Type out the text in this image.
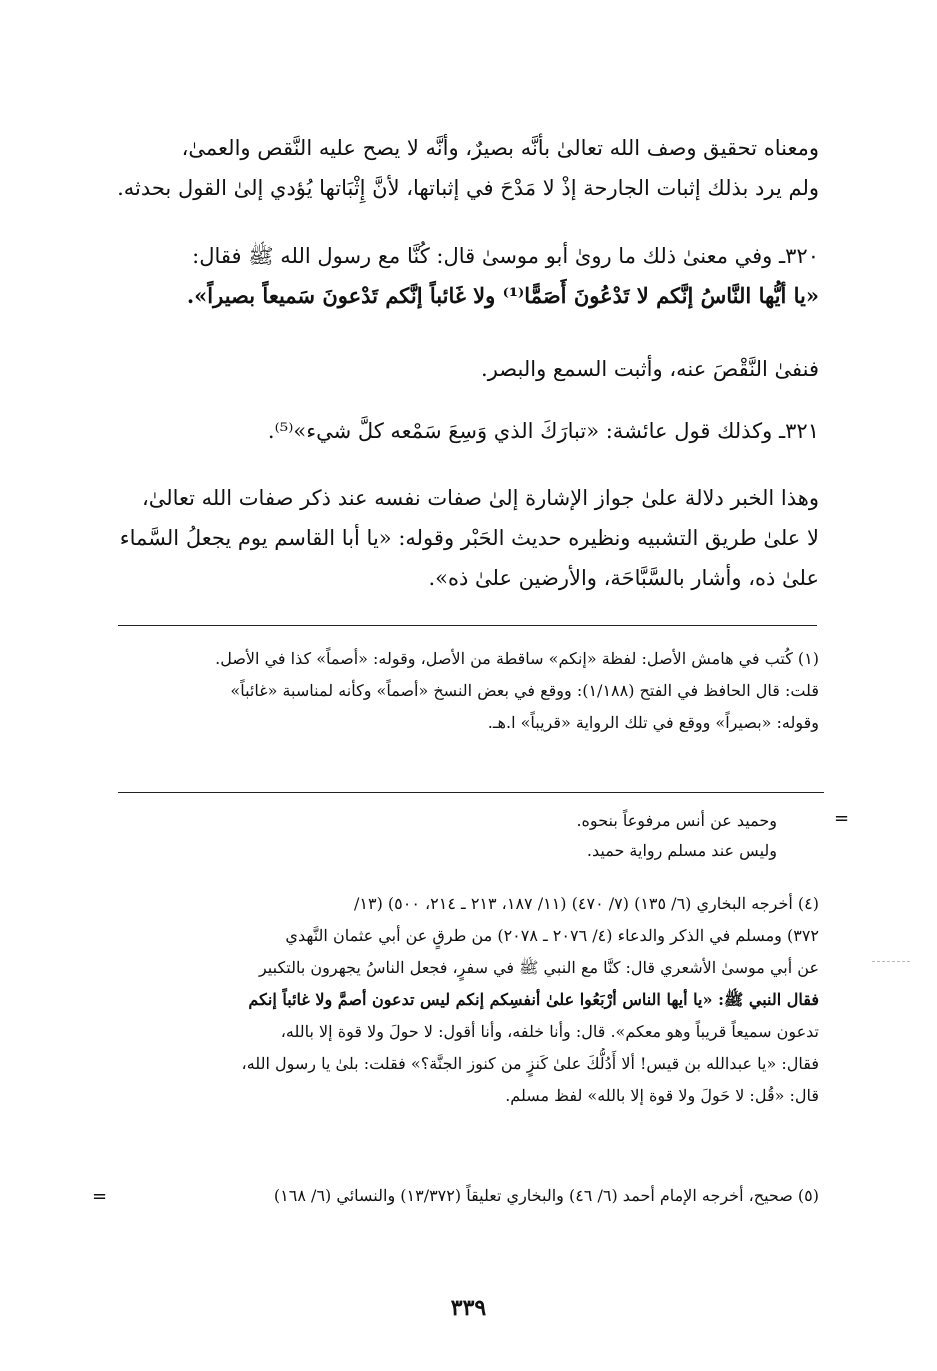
ومعناه تحقيق وصف الله تعالىٰ بأنَّه بصيرٌ، وأنَّه لا يصح عليه النَّقص والعمىٰ،
ولم يرد بذلك إثبات الجارحة إذْ لا مَدْحَ في إثباتها، لأنَّ إِثْبَاتها يُؤدي إلىٰ القول بحدثه.
٣٢٠ـ وفي معنىٰ ذلك ما روىٰ أبو موسىٰ قال: كُنَّا مع رسول الله ﷺ فقال:
«يا أيُّها النَّاسُ إنَّكم لا تَدْعُونَ أَصَمًّا⁽¹⁾ ولا غَائباً إنَّكم تَدْعونَ سَميعاً بصيراً».
فنفىٰ النَّقْصَ عنه، وأثبت السمع والبصر.
٣٢١ـ وكذلك قول عائشة: «تبارَكَ الذي وَسِعَ سَمْعه كلَّ شيء»⁽⁵⁾.
وهذا الخبر دلالة علىٰ جواز الإشارة إلىٰ صفات نفسه عند ذكر صفات الله تعالىٰ،
لا علىٰ طريق التشبيه ونظيره حديث الحَبْر وقوله: «يا أبا القاسم يوم يجعلُ السَّماء
علىٰ ذه، وأشار بالسَّبَّاحَة، والأرضين علىٰ ذه».
(١) كُتب في هامش الأصل: لفظة «إنكم» ساقطة من الأصل، وقوله: «أصماً» كذا في الأصل.
قلت: قال الحافظ في الفتح (١/١٨٨): ووقع في بعض النسخ «أصماً» وكأنه لمناسبة «غائباً»
وقوله: «بصيراً» ووقع في تلك الرواية «قريباً» ا.هـ.
=
وحميد عن أنس مرفوعاً بنحوه.
وليس عند مسلم رواية حميد.
(٤) أخرجه البخاري (٦/ ١٣٥) (٧/ ٤٧٠) (١١/ ١٨٧، ٢١٣ ـ ٢١٤، ٥٠٠) (١٣/
٣٧٢) ومسلم في الذكر والدعاء (٤/ ٢٠٧٦ ـ ٢٠٧٨) من طرقٍ عن أبي عثمان النَّهدي
عن أبي موسىٰ الأشعري قال: كنَّا مع النبي ﷺ في سفرٍ، فجعل الناسُ يجهرون بالتكبير
فقال النبي ﷺ: «يا أيها الناس أرْبَعُوا علىٰ أنفسِكم إنكم ليس تدعون أصمَّ ولا غائباً إنكم
تدعون سميعاً قريباً وهو معكم». قال: وأنا خلفه، وأنا أقول: لا حولَ ولا قوة إلا بالله،
فقال: «يا عبدالله بن قيس! ألا أَدُلُّكَ علىٰ كَنزٍ من كنوز الجنَّة؟» فقلت: بلىٰ يا رسول الله،
قال: «قُل: لا حَولَ ولا قوة إلا بالله» لفظ مسلم.
(٥) صحيح، أخرجه الإمام أحمد (٦/ ٤٦) والبخاري تعليقاً (١٣/٣٧٢) والنسائي (٦/ ١٦٨)
=
٣٣٩
